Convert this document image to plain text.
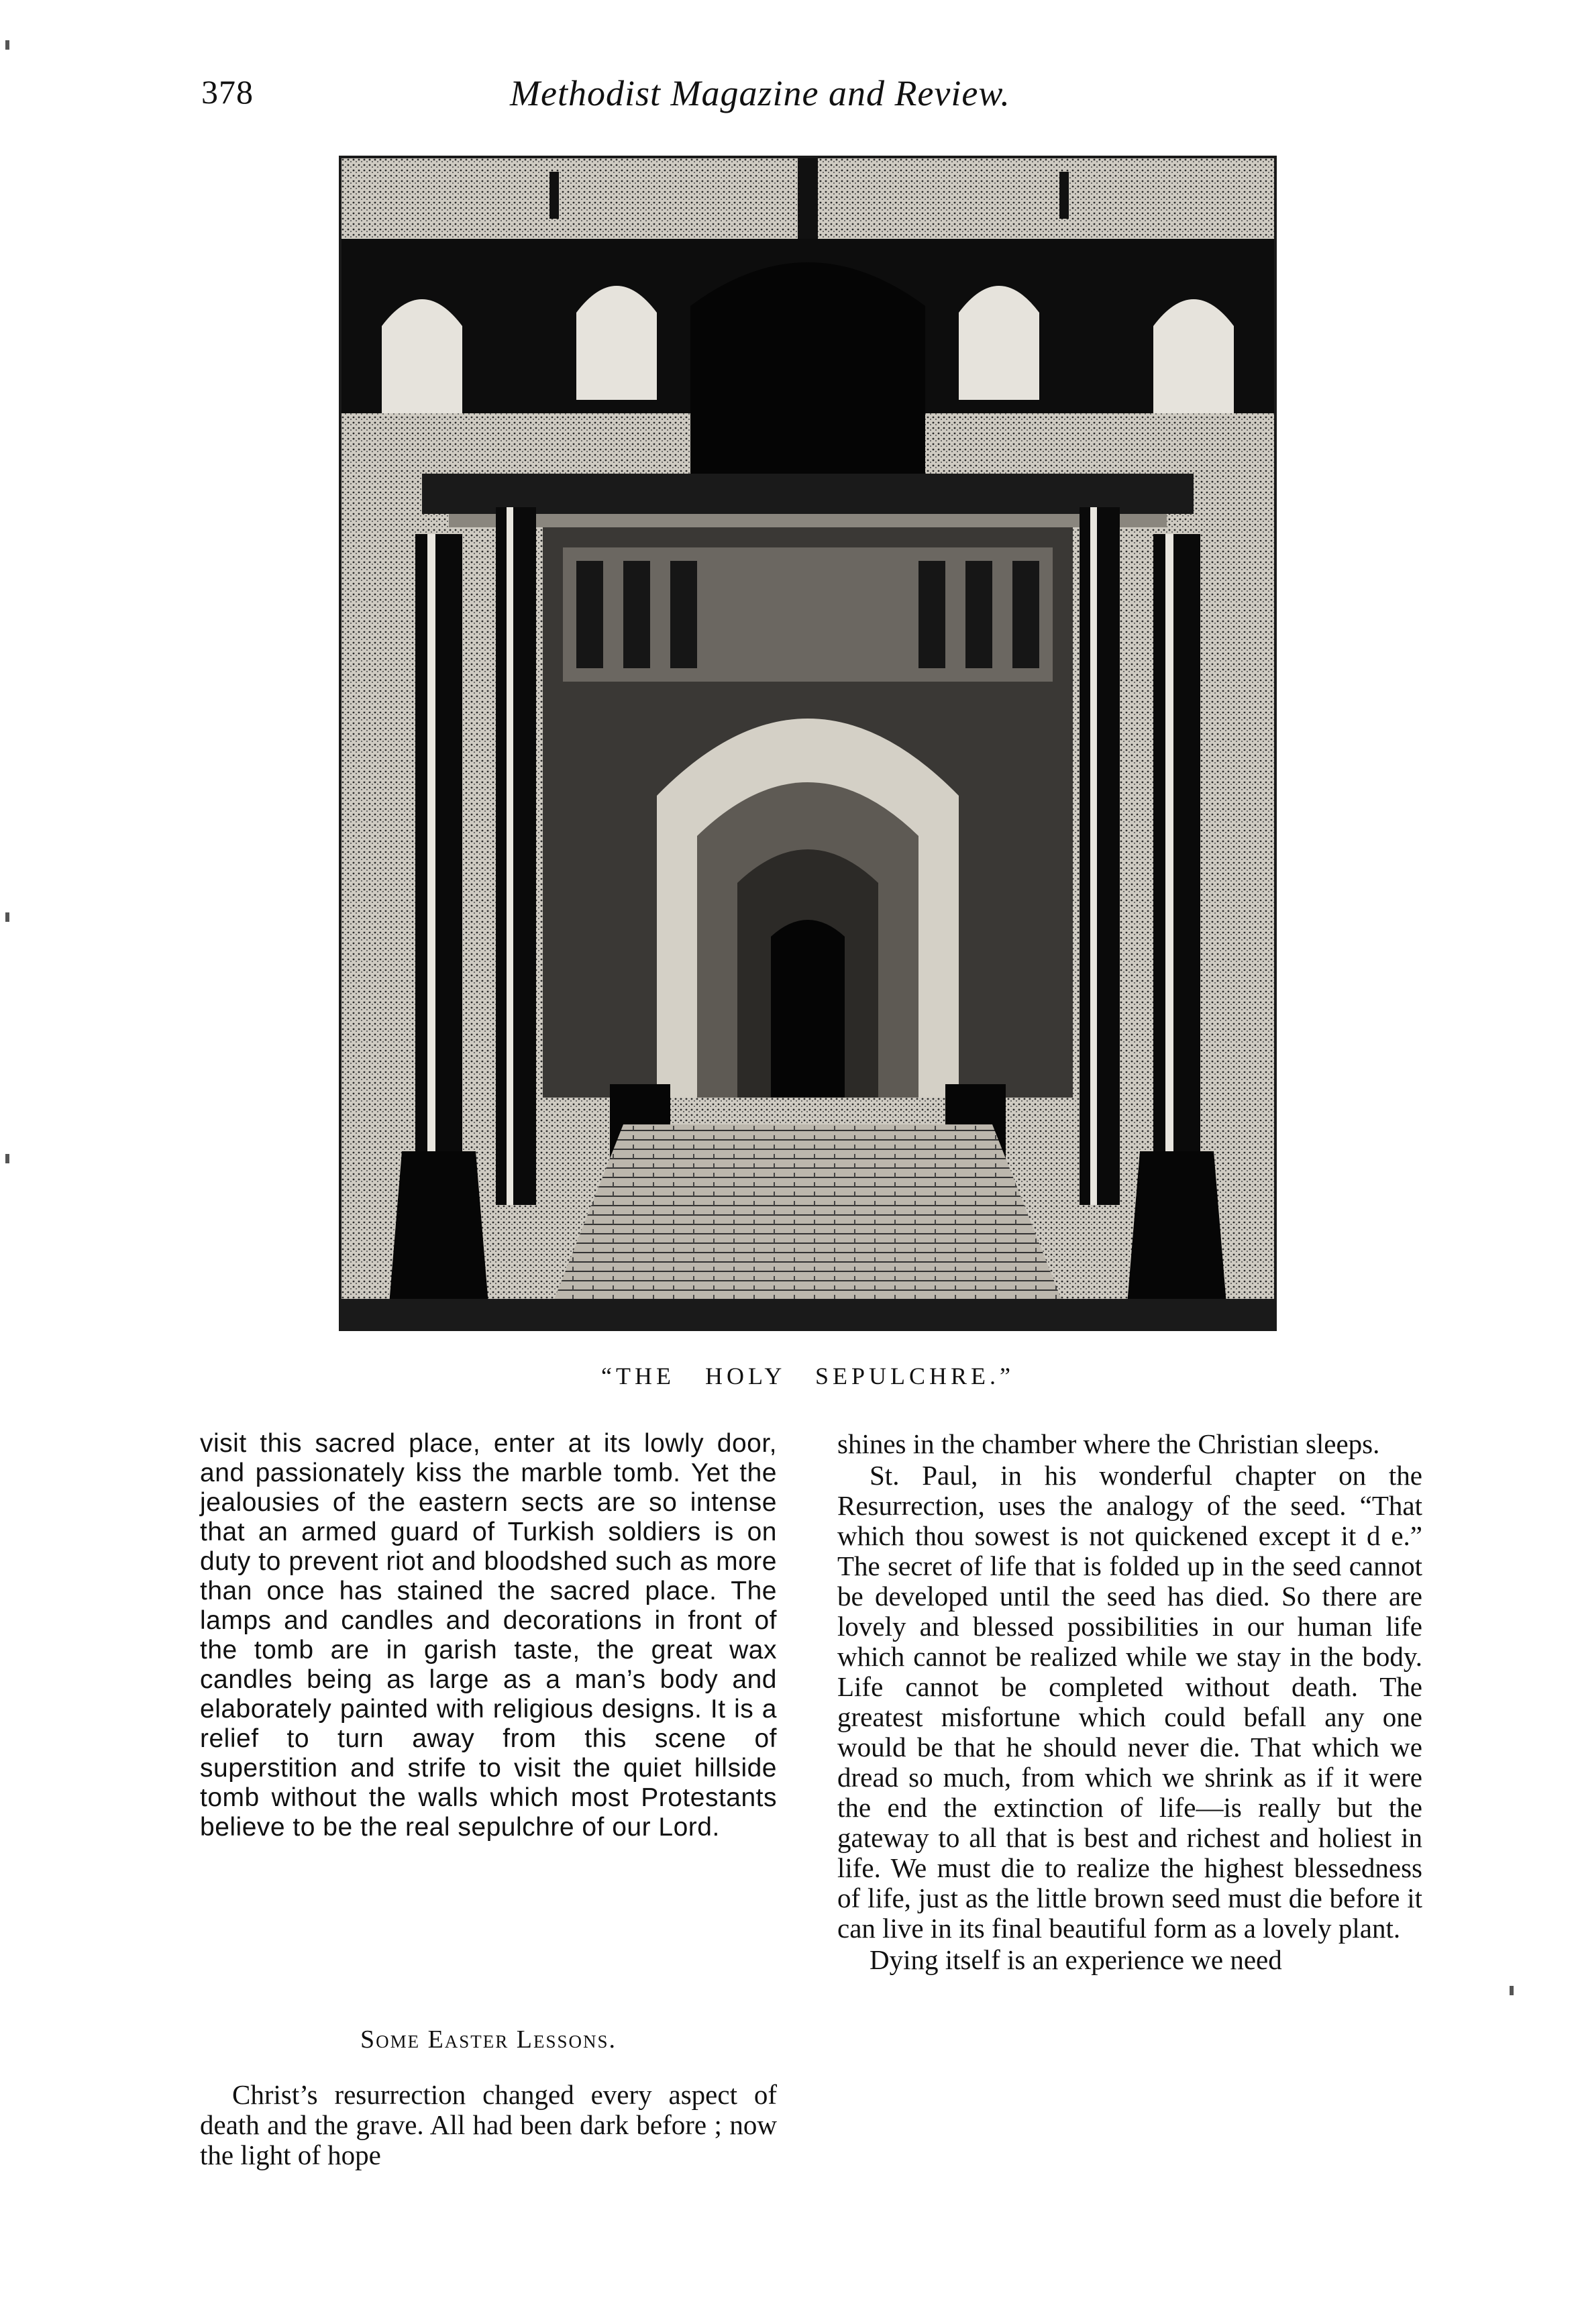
378	Methodist Magazine and Review.
“THE HOLY SEPULCHRE.”

visit this sacred place, enter at its lowly door, and passionately kiss the marble tomb. Yet the jealousies of the eastern sects are so intense that an armed guard of Turkish soldiers is on duty to prevent riot and bloodshed such as more than once has stained the sacred place. The lamps and candles and decorations in front of the tomb are in garish taste, the great wax candles being as large as a man’s body and elaborately painted with religious designs. It is a relief to turn away from this scene of superstition and strife to visit the quiet hillside tomb without the walls which most Protestants believe to be the real sepulchre of our Lord.

Some Easter Lessons.
Christ’s resurrection changed every aspect of death and the grave. All had been dark before ; now the light of hope

shines in the chamber where the Christian sleeps.

St. Paul, in his wonderful chapter on the Resurrection, uses the analogy of the seed. “That which thou sowest is not quickened except it d e.” The secret of life that is folded up in the seed cannot be developed until the seed has died. So there are lovely and blessed possibilities in our human life which cannot be realized while we stay in the body. Life cannot be completed without death. The greatest misfortune which could befall any one would be that he should never die. That which we dread so much, from which we shrink as if it were the end the extinction of life—is really but the gateway to all that is best and richest and holiest in life. We must die to realize the highest blessedness of life, just as the little brown seed must die before it can live in its final beautiful form as a lovely plant.

Dying itself is an experience we need
